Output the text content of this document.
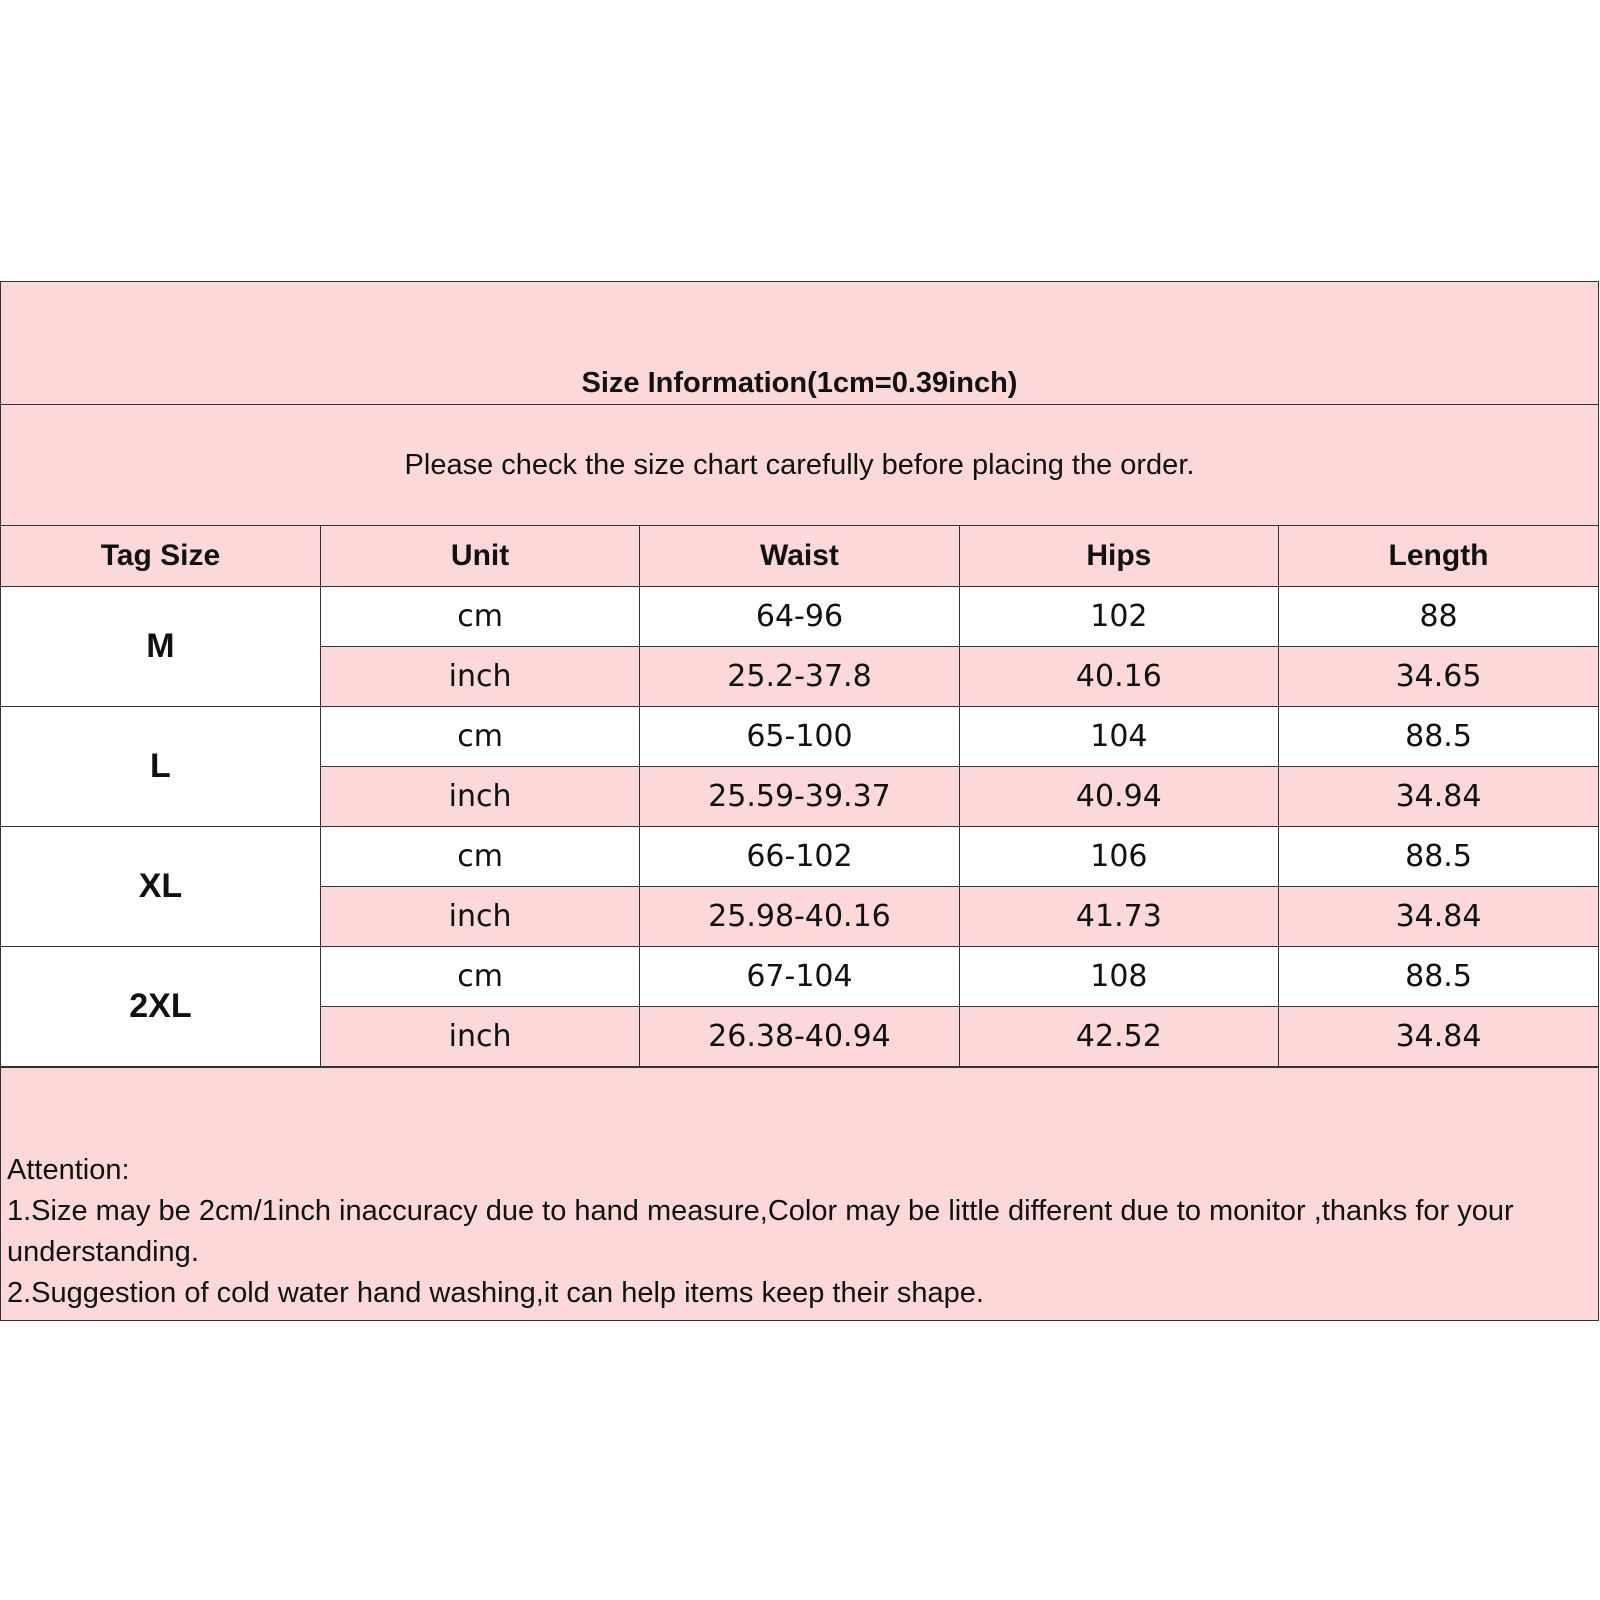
Size Information(1cm=0.39inch)
Please check the size chart carefully before placing the order.
Tag Size	Unit	Waist	Hips	Length
M	cm	64-96	102	88
	inch	25.2-37.8	40.16	34.65
L	cm	65-100	104	88.5
	inch	25.59-39.37	40.94	34.84
XL	cm	66-102	106	88.5
	inch	25.98-40.16	41.73	34.84
2XL	cm	67-104	108	88.5
	inch	26.38-40.94	42.52	34.84
Attention:
1.Size may be 2cm/1inch inaccuracy due to hand measure,Color may be little different due to monitor ,thanks for your understanding.
2.Suggestion of cold water hand washing,it can help items keep their shape.
